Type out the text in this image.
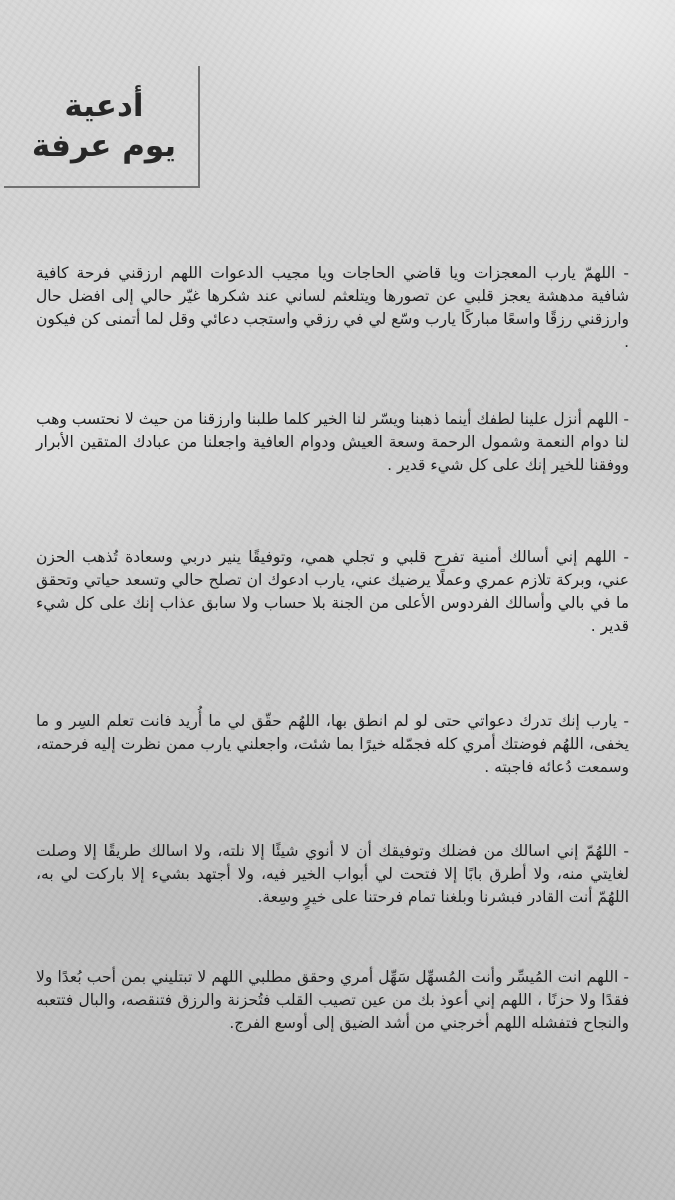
أدعية
يوم عرفة

- اللهمّ يارب المعجزات ويا قاضي الحاجات ويا مجيب الدعوات اللهم ارزقني فرحة كافية شافية مدهشة يعجز قلبي عن تصورها ويتلعثم لساني عند شكرها غيّر حالي إلى افضل حال وارزقني رزقًا واسعًا مباركًا يارب وسّع لي في رزقي واستجب دعائي وقل لما أتمنى كن فيكون .

- اللهم أنزل علينا لطفك أينما ذهبنا ويسّر لنا الخير كلما طلبنا وارزقنا من حيث لا نحتسب وهب لنا دوام النعمة وشمول الرحمة وسعة العيش ودوام العافية واجعلنا من عبادك المتقين الأبرار ووفقنا للخير إنك على كل شيء قدير .

- اللهم إني أسالك أمنية تفرح قلبي و تجلي همي، وتوفيقًا ينير دربي وسعادة تُذهب الحزن عني، وبركة تلازم عمري وعملًا يرضيك عني، يارب ادعوك ان تصلح حالي وتسعد حياتي وتحقق ما في بالي وأسالك الفردوس الأعلى من الجنة بلا حساب ولا سابق عذاب إنك على كل شيء قدير .

- يارب إنك تدرك دعواتي حتى لو لم انطق بها، اللهُم حقّق لي ما أُريد فانت تعلم السِر و ما يخفى، اللهُم فوضتك أمري كله فجمّله خيرًا بما شئت، واجعلني يارب ممن نظرت إليه فرحمته، وسمعت دُعائه فاجبته .

- اللهُمّ إني اسالك من فضلك وتوفيقك أن لا أنوي شيئًا إلا نلته، ولا اسالك طريقًا إلا وصلت لغايتي منه، ولا أطرق بابًا إلا فتحت لي أبواب الخير فيه، ولا أجتهد بشيء إلا باركت لي به، اللهُمّ أنت القادر فبشرنا وبلغنا تمام فرحتنا على خيرٍ وسِعة.

- اللهم انت المُيسِّر وأنت المُسهِّل سَهِّل أمري وحقق مطلبي اللهم لا تبتليني بمن أحب بُعدًا ولا فقدًا ولا حزنًا ، اللهم إني أعوذ بك من عين تصيب القلب فتُحزنة والرزق فتنقصه، والبال فتتعبه والنجاح فتفشله اللهم أخرجني من أشد الضيق إلى أوسع الفرج.
